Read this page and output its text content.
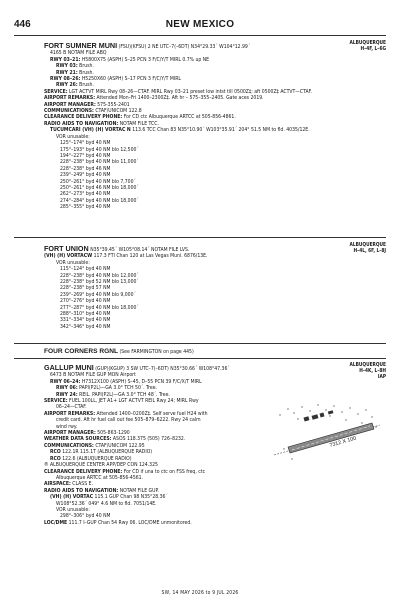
446	NEW MEXICO
ALBUQUERQUE
H–4F, L–6G
FORT SUMNER MUNI (FSU)(KFSU) 2 NE UTC–7(–6DT) N34°29.33´ W104°12.99´
4165 B NOTAM FILE ABQ
RWY 03–21: H5800X75 (ASPH) S–25 PCN 3 F/C/Y/T MIRL 0.7% up NE
RWY 03: Brush.
RWY 21: Brush.
RWY 08–26: H5250X60 (ASPH) S–17 PCN 3 F/C/Y/T MIRL
RWY 26: Brush.
SERVICE: LGT ACTVT MIRL Rwy 08–26—CTAF. MIRL Rwy 03–21 preset low intst till 0500Z‡; aft 0500Z‡ ACTVT—CTAF.
AIRPORT REMARKS: Attended Mon–Fri 1400–2300Z‡. Aft hr – 575–355–2405. Gate aces 2019.
AIRPORT MANAGER: 575-355-2401
COMMUNICATIONS: CTAF/UNICOM 122.8
CLEARANCE DELIVERY PHONE: For CD ctc Albuquerque ARTCC at 505-856-4861.
RADIO AIDS TO NAVIGATION: NOTAM FILE TCC.
TUCUMCARI (VH) (H) VORTAC N 113.6 TCC Chan 83 N35°10.90´ W103°35.91´ 204° 51.5 NM to fld. 4035/12E.
VOR unusable:
125°–174° byd 40 NM
175°–193° byd 40 NM blo 12,500´
194°–227° byd 40 NM
228°–238° byd 40 NM blo 11,000´
228°–238° byd 46 NM
239°–249° byd 40 NM
250°–261° byd 40 NM blo 7,700´
250°–261° byd 46 NM blo 18,000´
262°–273° byd 40 NM
274°–284° byd 40 NM blo 18,000´
285°–355° byd 40 NM
ALBUQUERQUE
H–4L, 6F, L–8J
FORT UNION N35°39.45´ W105°08.14´ NOTAM FILE LVS.
(VH) (H) VORTACW 117.3 FTI Chan 120 at Las Vegas Muni. 6876/13E.
VOR unusable:
115°–124° byd 40 NM
228°–238° byd 40 NM blo 12,000´
228°–238° byd 52 NM blo 13,000´
228°–238° byd 57 NM
239°–269° byd 40 NM blo 9,000´
270°–276° byd 40 NM
277°–287° byd 40 NM blo 18,000´
288°–310° byd 40 NM
331°–334° byd 40 NM
342°–346° byd 40 NM
FOUR CORNERS RGNL (See FARMINGTON on page 445)
ALBUQUERQUE
H–4K, L–8H
IAP
GALLUP MUNI (GUP)(KGUP) 3 SW UTC–7(–6DT) N35°30.66´ W108°47.36´
6473 B NOTAM FILE GUP MON Airport
RWY 06–24: H7312X100 (ASPH) S–45, D–55 PCN 39 F/C/X/T MIRL
RWY 06: PAPI(P2L)—GA 3.0° TCH 50´. Tree.
RWY 24: REIL. PAPI(P2L)—GA 3.0° TCH 48´. Tree.
SERVICE: FUEL 100LL, JET A1+ LGT ACTVT REIL Rwy 24; MIRL Rwy
06–24—CTAF.
AIRPORT REMARKS: Attended 1400–0200Z‡. Self serve fuel H24 with
credit card. Aft hr fuel call out fee 505–879–6222. Rwy 24 calm
wind rwy.
AIRPORT MANAGER: 505-863-1290
WEATHER DATA SOURCES: ASOS 118.375 (505) 726–8232.
COMMUNICATIONS: CTAF/UNICOM 122.95
RCO 122.1R 115.1T (ALBUQUERQUE RADIO)
RCO 122.6 (ALBUQUERQUE RADIO)
® ALBUQUERQUE CENTER APP/DEP CON 124.325
CLEARANCE DELIVERY PHONE: For CD if una to ctc on FSS freq, ctc
Albuquerque ARTCC at 505-856-4561.
AIRSPACE: CLASS E.
RADIO AIDS TO NAVIGATION: NOTAM FILE GUP.
(VH) (H) VORTAC 115.1 GUP Chan 98 N35°28.36´
W108°52.36´ 049° 4.6 NM to fld. 7051/14E.
VOR unusable:
298°–306° byd 40 NM
LOC/DME 111.7 I–GUP Chan 54 Rwy 06. LOC/DME unmonitored.
7312 X 100
SW, 14 MAY 2026 to 9 JUL 2026
